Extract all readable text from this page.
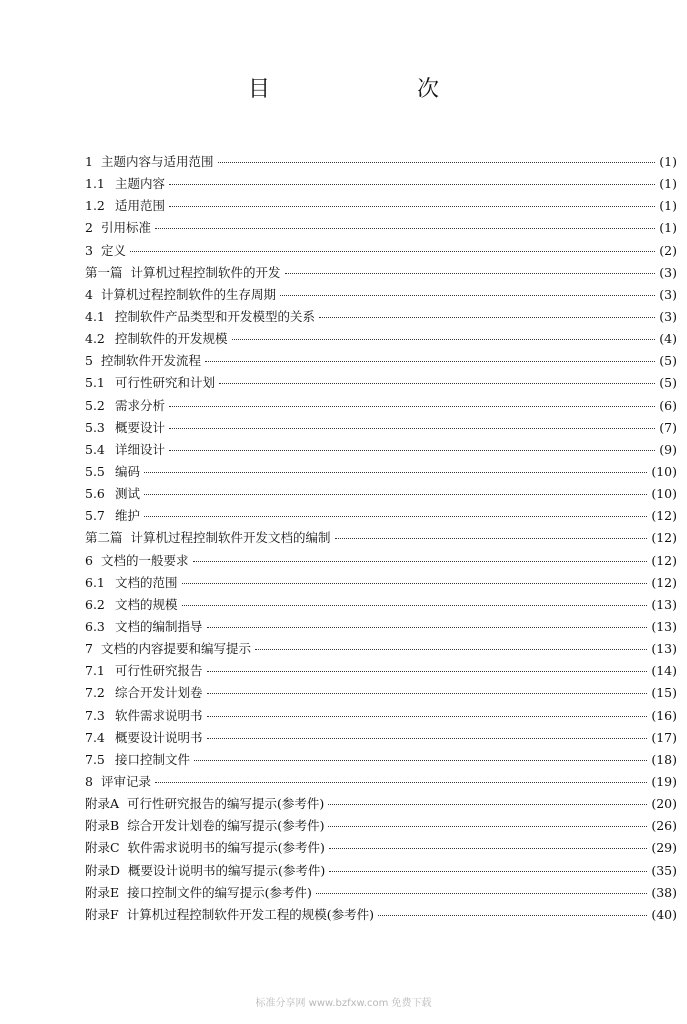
目 次
1 主题内容与适用范围	(1)
1.1 主题内容	(1)
1.2 适用范围	(1)
2 引用标准	(1)
3 定义	(2)
第一篇 计算机过程控制软件的开发	(3)
4 计算机过程控制软件的生存周期	(3)
4.1 控制软件产品类型和开发模型的关系	(3)
4.2 控制软件的开发规模	(4)
5 控制软件开发流程	(5)
5.1 可行性研究和计划	(5)
5.2 需求分析	(6)
5.3 概要设计	(7)
5.4 详细设计	(9)
5.5 编码	(10)
5.6 测试	(10)
5.7 维护	(12)
第二篇 计算机过程控制软件开发文档的编制	(12)
6 文档的一般要求	(12)
6.1 文档的范围	(12)
6.2 文档的规模	(13)
6.3 文档的编制指导	(13)
7 文档的内容提要和编写提示	(13)
7.1 可行性研究报告	(14)
7.2 综合开发计划卷	(15)
7.3 软件需求说明书	(16)
7.4 概要设计说明书	(17)
7.5 接口控制文件	(18)
8 评审记录	(19)
附录A 可行性研究报告的编写提示(参考件)	(20)
附录B 综合开发计划卷的编写提示(参考件)	(26)
附录C 软件需求说明书的编写提示(参考件)	(29)
附录D 概要设计说明书的编写提示(参考件)	(35)
附录E 接口控制文件的编写提示(参考件)	(38)
附录F 计算机过程控制软件开发工程的规模(参考件)	(40)
标准分享网 www.bzfxw.com 免费下载
